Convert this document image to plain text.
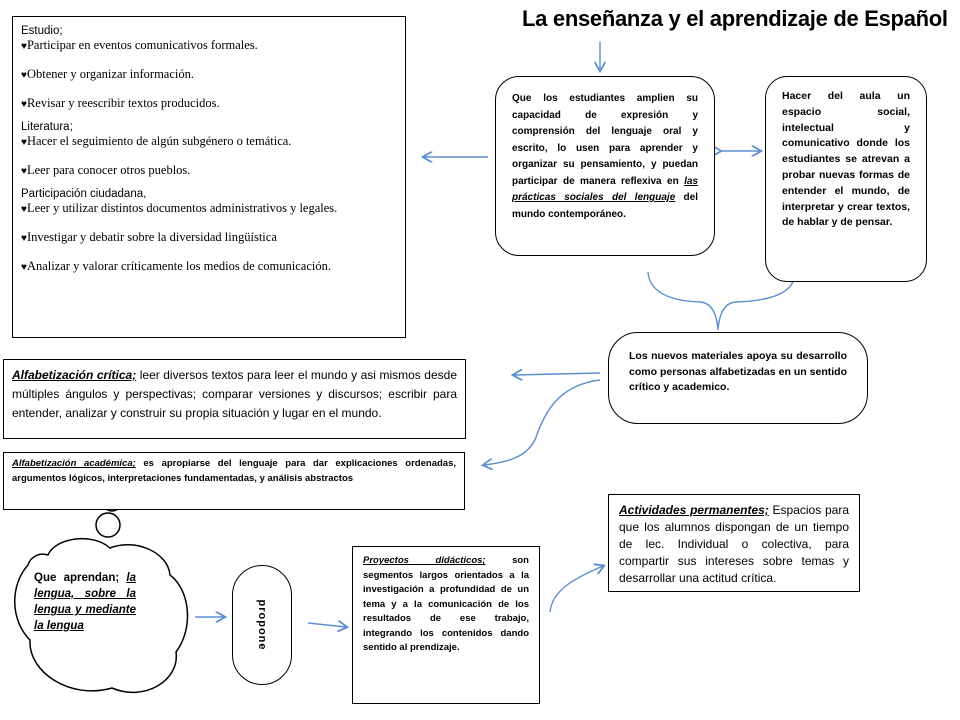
La enseñanza y el aprendizaje de Español

Estudio;

♥Participar en eventos comunicativos formales.

♥Obtener y organizar información.

♥Revisar y reescribir textos producidos.

Literatura;

♥Hacer el seguimiento de algún subgénero o temática.

♥Leer para conocer otros pueblos.

Participación ciudadana,

♥Leer y utilizar distintos documentos administrativos y legales.

♥Investigar y debatir sobre la diversidad lingüística

♥Analizar y valorar críticamente los medios de comunicación.

Que los estudiantes amplien su capacidad de expresión y comprensión del lenguaje oral y escrito, lo usen para aprender y organizar su pensamiento, y puedan participar de manera reflexiva en las prácticas sociales del lenguaje del mundo contemporáneo.
Hacer del aula un espacio social, intelectual y comunicativo donde los estudiantes se atrevan a probar nuevas formas de entender el mundo, de interpretar y crear textos, de hablar y de pensar.
Los nuevos materiales apoya su desarrollo como personas alfabetizadas en un sentido crítico y academico.
Alfabetización crítica; leer diversos textos para leer el mundo y asi mismos desde múltiples ángulos y perspectivas; comparar versiones y discursos; escribir para entender, analizar y construir su propia situación y lugar en el mundo.
Alfabetización académica; es apropiarse del lenguaje para dar explicaciones ordenadas, argumentos lógicos, interpretaciones fundamentadas, y análisis abstractos
Que aprendan; la lengua, sobre la lengua y mediante la lengua	propone
Proyectos didácticos; son segmentos largos orientados a la investigación a profundidad de un tema y a la comunicación de los resultados de ese trabajo, integrando los contenidos dando sentido al prendizaje.
Actividades permanentes; Espacios para que los alumnos dispongan de un tiempo de lec. Individual o colectiva, para compartir sus intereses sobre temas y desarrollar una actitud crítica.
